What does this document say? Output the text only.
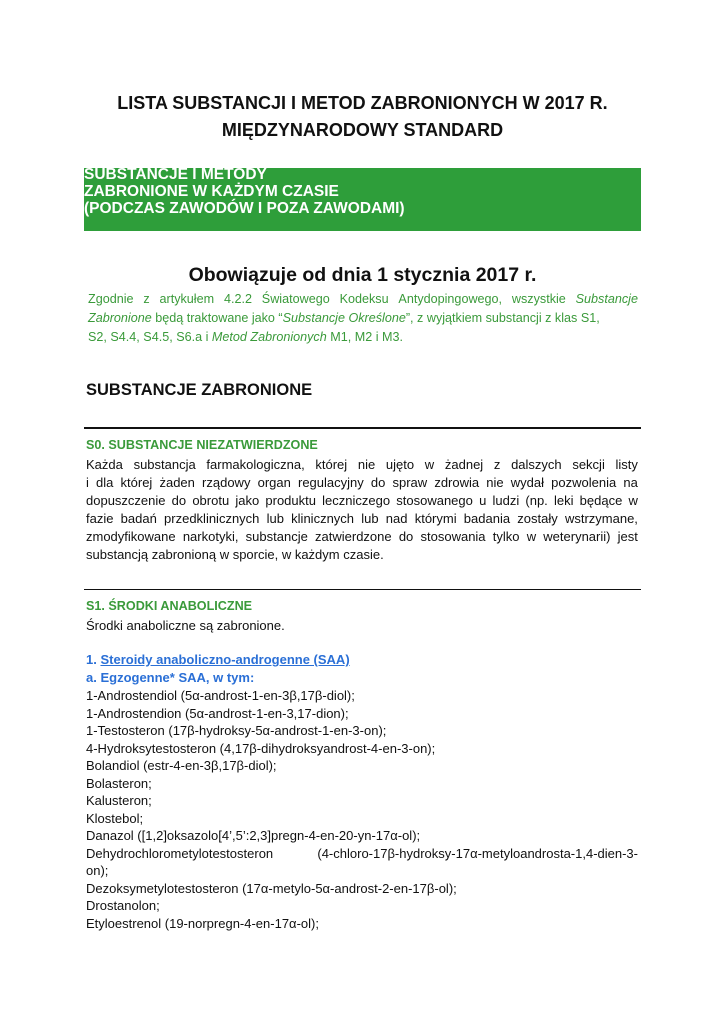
LISTA SUBSTANCJI I METOD ZABRONIONYCH W 2017 R.
MIĘDZYNARODOWY STANDARD
SUBSTANCJE I METODY
ZABRONIONE W KAŻDYM CZASIE
(PODCZAS ZAWODÓW I POZA ZAWODAMI)
Obowiązuje od dnia 1 stycznia 2017 r.
Zgodnie z artykułem 4.2.2 Światowego Kodeksu Antydopingowego, wszystkie Substancje
Zabronione będą traktowane jako “Substancje Określone”, z wyjątkiem substancji z klas S1,
S2, S4.4, S4.5, S6.a i Metod Zabronionych M1, M2 i M3.
SUBSTANCJE ZABRONIONE
S0. SUBSTANCJE NIEZATWIERDZONE
Każda substancja farmakologiczna, której nie ujęto w żadnej z dalszych sekcji listy
i dla której żaden rządowy organ regulacyjny do spraw zdrowia nie wydał pozwolenia na
dopuszczenie do obrotu jako produktu leczniczego stosowanego u ludzi (np. leki będące w
fazie badań przedklinicznych lub klinicznych lub nad którymi badania zostały wstrzymane,
zmodyfikowane narkotyki, substancje zatwierdzone do stosowania tylko w weterynarii) jest
substancją zabronioną w sporcie, w każdym czasie.
S1. ŚRODKI ANABOLICZNE
Środki anaboliczne są zabronione.
1. Steroidy anaboliczno-androgenne (SAA)
a. Egzogenne* SAA, w tym:
1-Androstendiol (5α-androst-1-en-3β,17β-diol);
1-Androstendion (5α-androst-1-en-3,17-dion);
1-Testosteron (17β-hydroksy-5α-androst-1-en-3-on);
4-Hydroksytestosteron (4,17β-dihydroksyandrost-4-en-3-on);
Bolandiol (estr-4-en-3β,17β-diol);
Bolasteron;
Kalusteron;
Klostebol;
Danazol ([1,2]oksazolo[4’,5’:2,3]pregn-4-en-20-yn-17α-ol);
Dehydrochlorometylotestosteron	(4-chloro-17β-hydroksy-17α-metyloandrosta-1,4-dien-3-
on);
Dezoksymetylotestosteron (17α-metylo-5α-androst-2-en-17β-ol);
Drostanolon;
Etyloestrenol (19-norpregn-4-en-17α-ol);
